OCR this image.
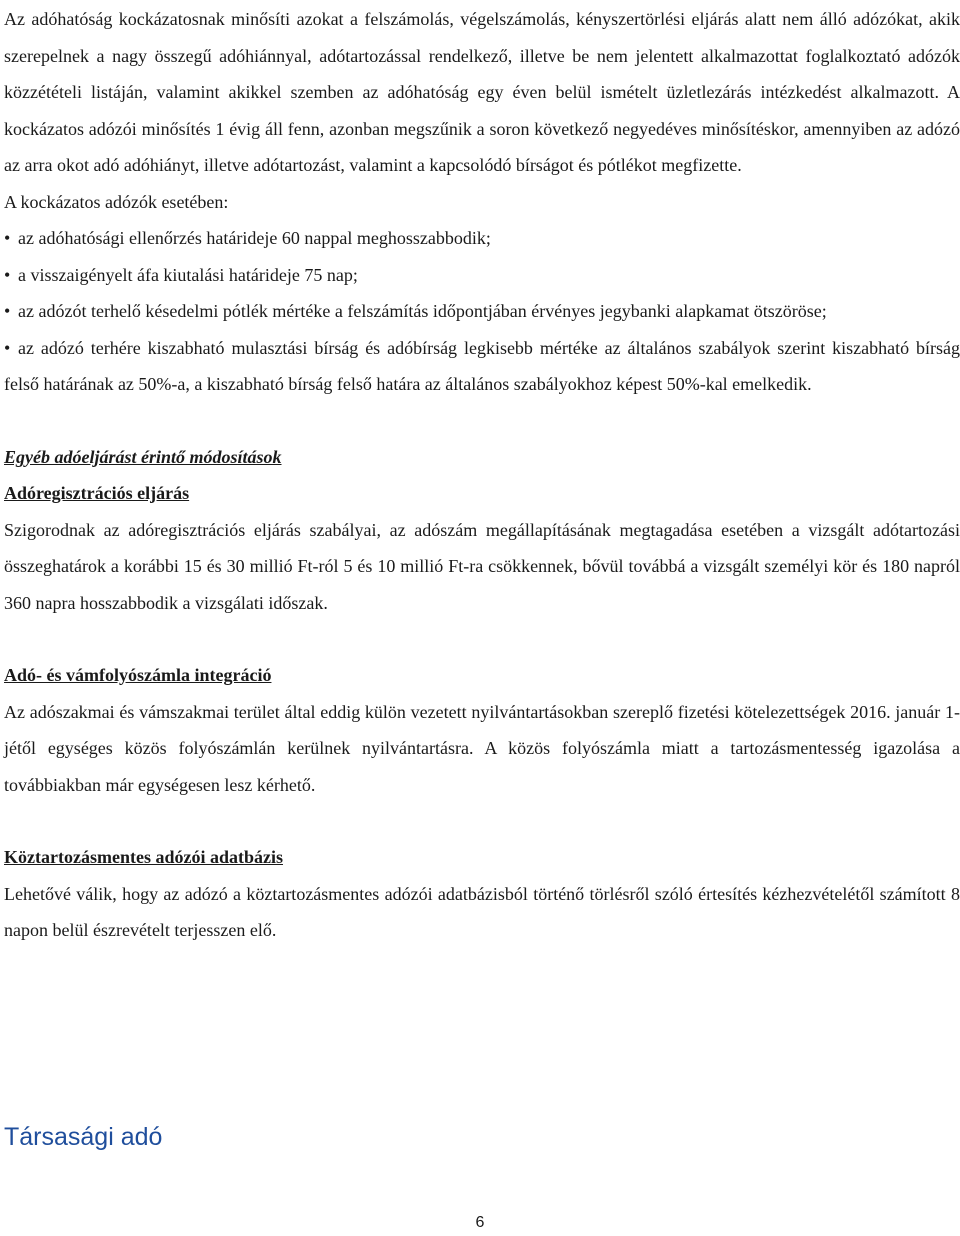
Az adóhatóság kockázatosnak minősíti azokat a felszámolás, végelszámolás, kényszertörlési eljárás alatt nem álló adózókat, akik szerepelnek a nagy összegű adóhiánnyal, adótartozással rendelkező, illetve be nem jelentett alkalmazottat foglalkoztató adózók közzétételi listáján, valamint akikkel szemben az adóhatóság egy éven belül ismételt üzletlezárás intézkedést alkalmazott. A kockázatos adózói minősítés 1 évig áll fenn, azonban megszűnik a soron következő negyedéves minősítéskor, amennyiben az adózó az arra okot adó adóhiányt, illetve adótartozást, valamint a kapcsolódó bírságot és pótlékot megfizette.

A kockázatos adózók esetében:

• az adóhatósági ellenőrzés határideje 60 nappal meghosszabbodik;

• a visszaigényelt áfa kiutalási határideje 75 nap;

• az adózót terhelő késedelmi pótlék mértéke a felszámítás időpontjában érvényes jegybanki alapkamat ötszöröse;

• az adózó terhére kiszabható mulasztási bírság és adóbírság legkisebb mértéke az általános szabályok szerint kiszabható bírság felső határának az 50%-a, a kiszabható bírság felső határa az általános szabályokhoz képest 50%-kal emelkedik.

Egyéb adóeljárást érintő módosítások

Adóregisztrációs eljárás

Szigorodnak az adóregisztrációs eljárás szabályai, az adószám megállapításának megtagadása esetében a vizsgált adótartozási összeghatárok a korábbi 15 és 30 millió Ft-ról 5 és 10 millió Ft-ra csökkennek, bővül továbbá a vizsgált személyi kör és 180 napról 360 napra hosszabbodik a vizsgálati időszak.

Adó- és vámfolyószámla integráció

Az adószakmai és vámszakmai terület által eddig külön vezetett nyilvántartásokban szereplő fizetési kötelezettségek 2016. január 1-jétől egységes közös folyószámlán kerülnek nyilvántartásra. A közös folyószámla miatt a tartozásmentesség igazolása a továbbiakban már egységesen lesz kérhető.

Köztartozásmentes adózói adatbázis

Lehetővé válik, hogy az adózó a köztartozásmentes adózói adatbázisból történő törlésről szóló értesítés kézhezvételétől számított 8 napon belül észrevételt terjesszen elő.

Társasági adó

6
